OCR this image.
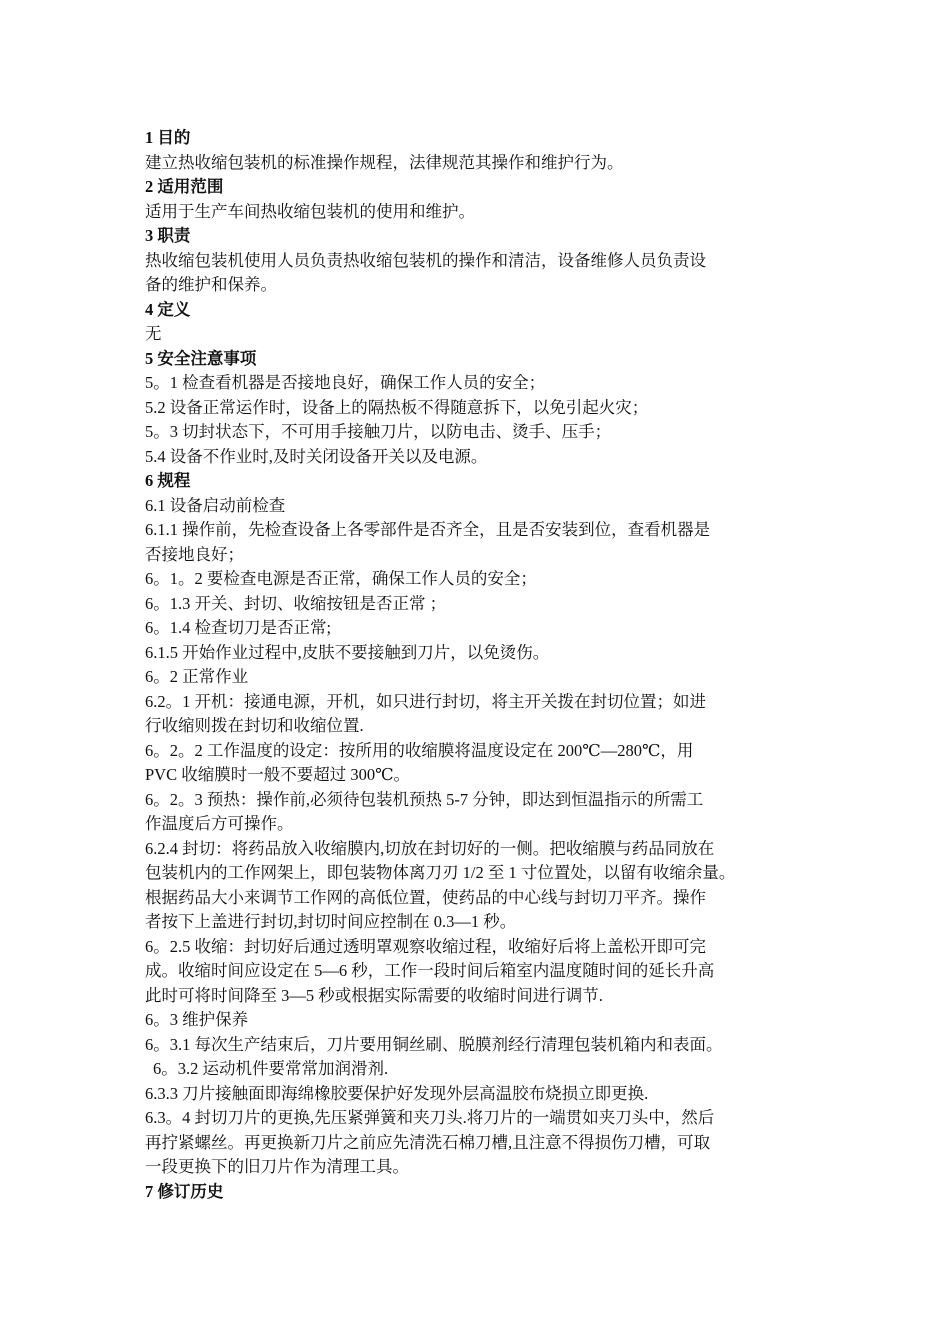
1 目的
建立热收缩包装机的标准操作规程，法律规范其操作和维护行为。
2 适用范围
适用于生产车间热收缩包装机的使用和维护。
3 职责
热收缩包装机使用人员负责热收缩包装机的操作和清洁，设备维修人员负责设
备的维护和保养。
4 定义
无
5 安全注意事项
5。1 检查看机器是否接地良好，确保工作人员的安全；
5.2 设备正常运作时，设备上的隔热板不得随意拆下，以免引起火灾；
5。3 切封状态下，不可用手接触刀片，以防电击、烫手、压手；
5.4 设备不作业时,及时关闭设备开关以及电源。
6 规程
6.1 设备启动前检查
6.1.1 操作前，先检查设备上各零部件是否齐全，且是否安装到位，查看机器是
否接地良好；
6。1。2 要检查电源是否正常，确保工作人员的安全；
6。1.3 开关、封切、收缩按钮是否正常 ；
6。1.4 检查切刀是否正常;
6.1.5 开始作业过程中,皮肤不要接触到刀片，以免烫伤。
6。2 正常作业
6.2。1 开机：接通电源，开机，如只进行封切，将主开关拨在封切位置；如进
行收缩则拨在封切和收缩位置.
6。2。2 工作温度的设定：按所用的收缩膜将温度设定在 200℃—280℃，用
PVC 收缩膜时一般不要超过 300℃。
6。2。3 预热：操作前,必须待包装机预热 5-7 分钟，即达到恒温指示的所需工
作温度后方可操作。
6.2.4 封切：将药品放入收缩膜内,切放在封切好的一侧。把收缩膜与药品同放在
包装机内的工作网架上，即包装物体离刀刃 1/2 至 1 寸位置处，以留有收缩余量。
根据药品大小来调节工作网的高低位置，使药品的中心线与封切刀平齐。操作
者按下上盖进行封切,封切时间应控制在 0.3—1 秒。
6。2.5 收缩：封切好后通过透明罩观察收缩过程，收缩好后将上盖松开即可完
成。收缩时间应设定在 5—6 秒，工作一段时间后箱室内温度随时间的延长升高
此时可将时间降至 3—5 秒或根据实际需要的收缩时间进行调节.
6。3 维护保养
6。3.1 每次生产结束后，刀片要用铜丝刷、脱膜剂经行清理包装机箱内和表面。
6。3.2 运动机件要常常加润滑剂.
6.3.3 刀片接触面即海绵橡胶要保护好发现外层高温胶布烧损立即更换.
6.3。4 封切刀片的更换,先压紧弹簧和夹刀头.将刀片的一端贯如夹刀头中，然后
再拧紧螺丝。再更换新刀片之前应先清洗石棉刀槽,且注意不得损伤刀槽，可取
一段更换下的旧刀片作为清理工具。
7 修订历史
